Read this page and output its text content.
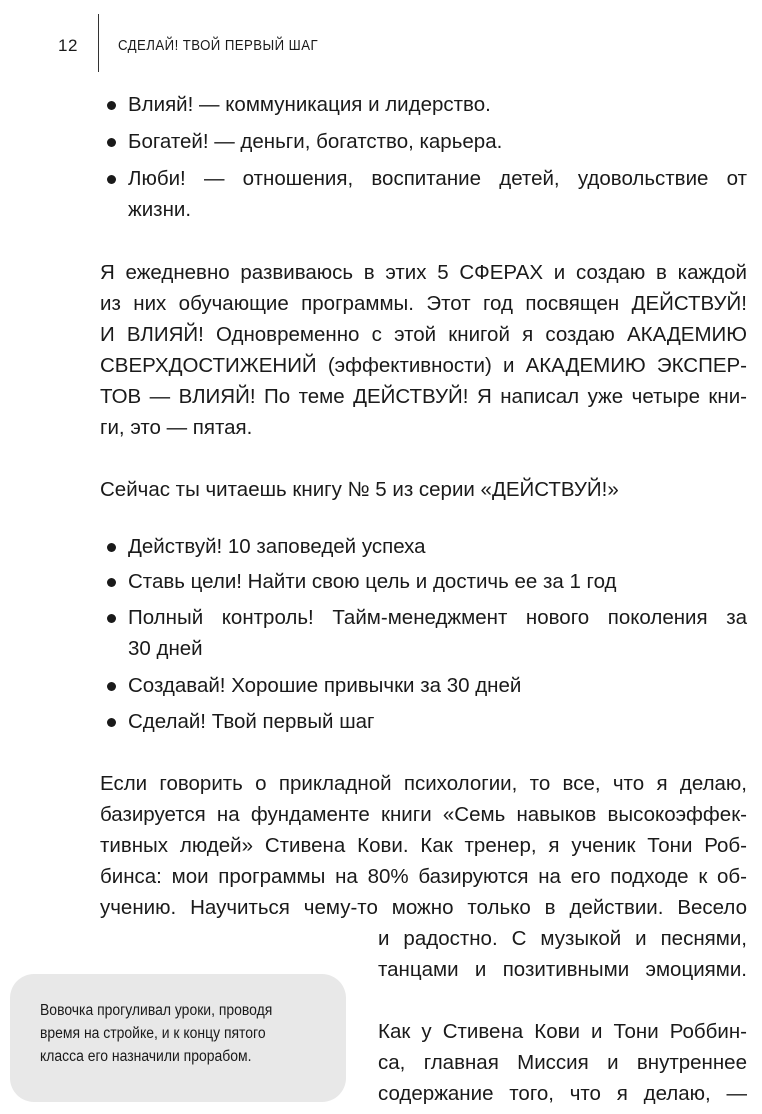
12	СДЕЛАЙ! ТВОЙ ПЕРВЫЙ ШАГ
Влияй! — коммуникация и лидерство.
Богатей! — деньги, богатство, карьера.
Люби! — отношения, воспитание детей, удовольствие от
жизни.
Я ежедневно развиваюсь в этих 5 СФЕРАХ и создаю в каждой
из них обучающие программы. Этот год посвящен ДЕЙСТВУЙ!
И ВЛИЯЙ! Одновременно с этой книгой я создаю АКАДЕМИЮ
СВЕРХДОСТИЖЕНИЙ (эффективности) и АКАДЕМИЮ ЭКСПЕР-
ТОВ — ВЛИЯЙ! По теме ДЕЙСТВУЙ! Я написал уже четыре кни-
ги, это — пятая.
Сейчас ты читаешь книгу № 5 из серии «ДЕЙСТВУЙ!»
Действуй! 10 заповедей успеха
Ставь цели! Найти свою цель и достичь ее за 1 год
Полный контроль! Тайм-менеджмент нового поколения за
30 дней
Создавай! Хорошие привычки за 30 дней
Сделай! Твой первый шаг
Если говорить о прикладной психологии, то все, что я делаю,
базируется на фундаменте книги «Семь навыков высокоэффек-
тивных людей» Стивена Кови. Как тренер, я ученик Тони Роб-
бинса: мои программы на 80% базируются на его подходе к об-
учению. Научиться чему-то можно только в действии. Весело
и радостно. С музыкой и песнями,
танцами и позитивными эмоциями.
Как у Стивена Кови и Тони Роббин-
са, главная Миссия и внутреннее
содержание того, что я делаю, —
Вовочка прогуливал уроки, проводя
время на стройке, и к концу пятого
класса его назначили прорабом.
